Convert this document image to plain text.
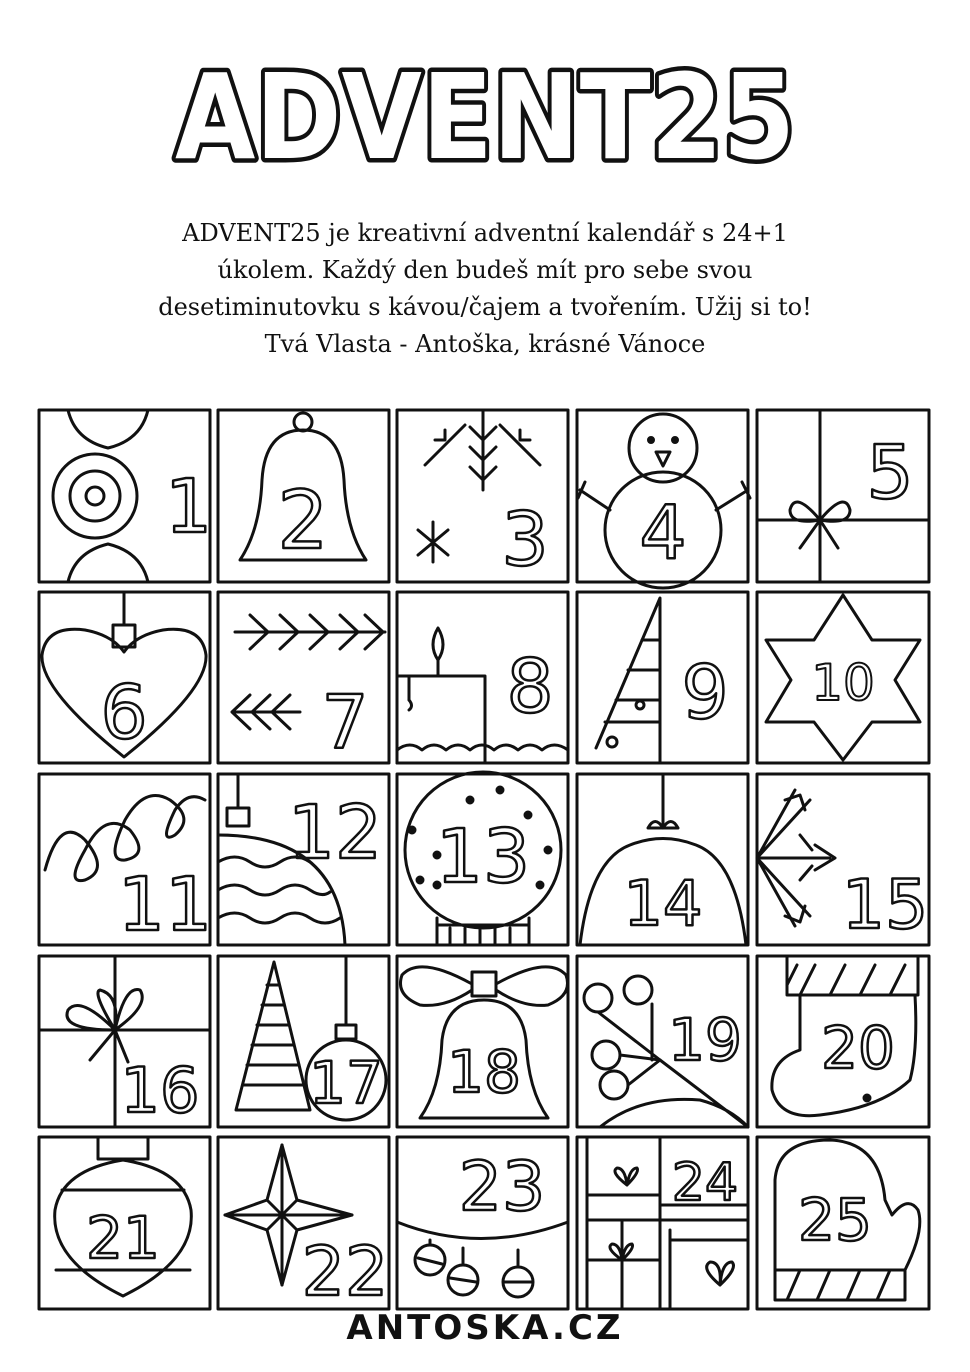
ADVENT25
ADVENT25 je kreativní adventní kalendář s 24+1
úkolem. Každý den budeš mít pro sebe svou
desetiminutovku s kávou/čajem a tvořením. Užij si to!
Tvá Vlasta - Antoška, krásné Vánoce
1 2 3 4
5
6 7 8 9 10
11
12 13
14 15
16 17 18	19 20
21 22
23 24
25
ANTOSKA.CZ
